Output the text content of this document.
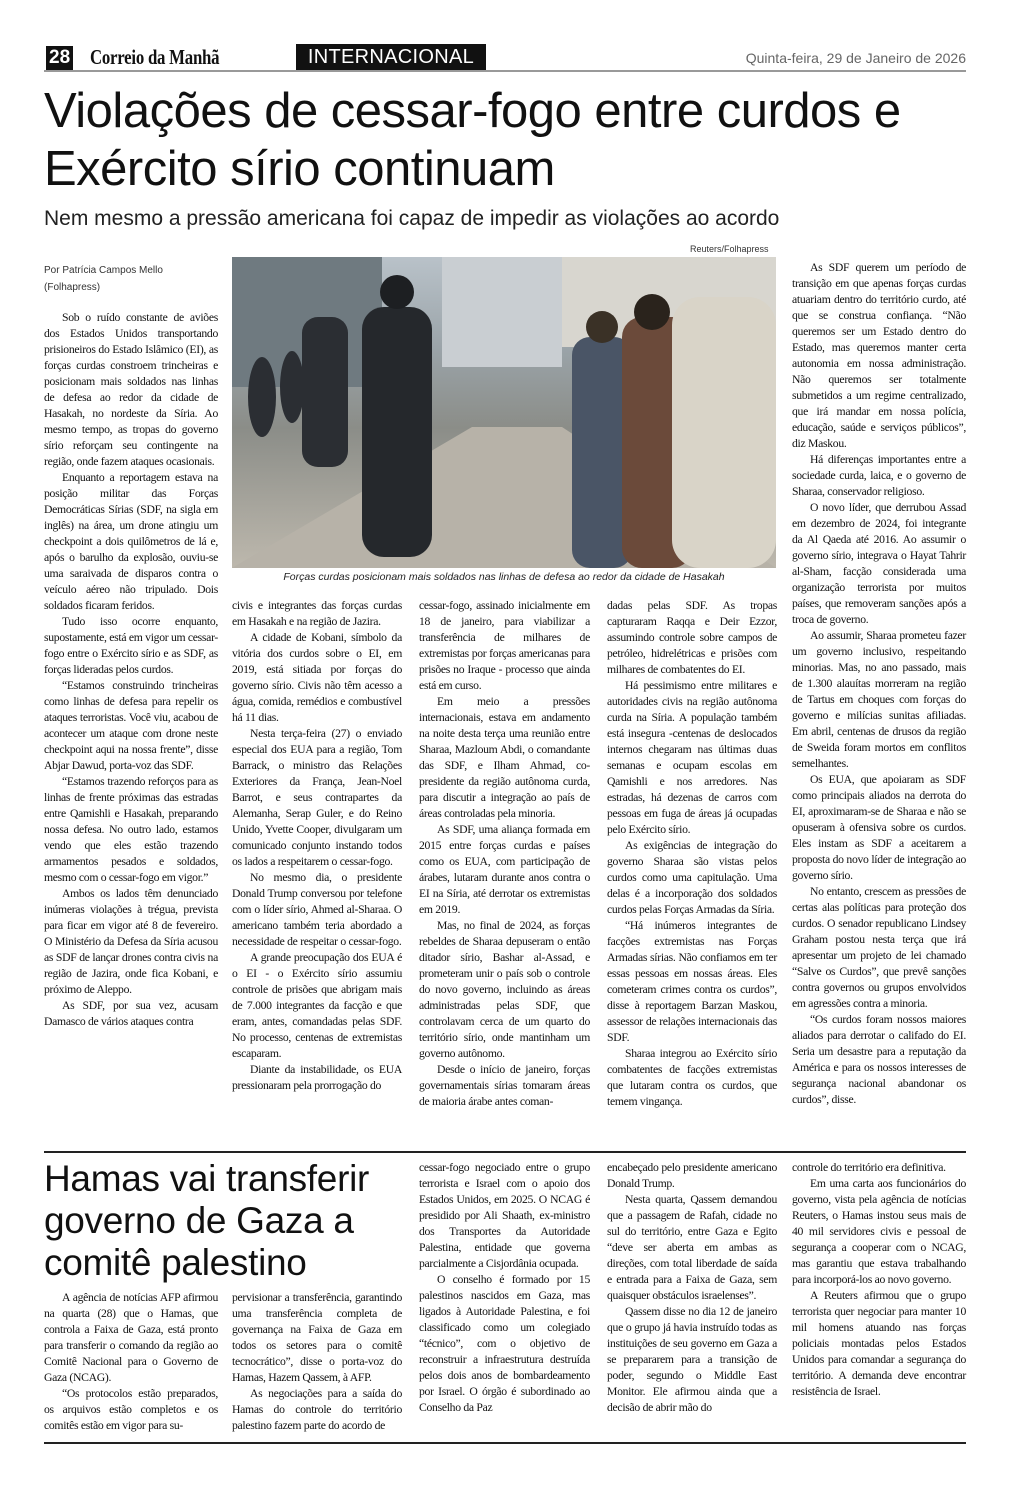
28 Correio da Manhã	INTERNACIONAL	Quinta-feira, 29 de Janeiro de 2026
Violações de cessar-fogo entre curdos e Exército sírio continuam
Nem mesmo a pressão americana foi capaz de impedir as violações ao acordo
Por Patrícia Campos Mello
(Folhapress)
Reuters/Folhapress
Forças curdas posicionam mais soldados nas linhas de defesa ao redor da cidade de Hasakah

Sob o ruído constante de aviões dos Estados Unidos transportando prisioneiros do Estado Islâmico (EI), as forças curdas constroem trincheiras e posicionam mais soldados nas linhas de defesa ao redor da cidade de Hasakah, no nordeste da Síria. Ao mesmo tempo, as tropas do governo sírio reforçam seu contingente na região, onde fazem ataques ocasionais.

Enquanto a reportagem estava na posição militar das Forças Democráticas Sírias (SDF, na sigla em inglês) na área, um drone atingiu um checkpoint a dois quilômetros de lá e, após o barulho da explosão, ouviu-se uma saraivada de disparos contra o veículo aéreo não tripulado. Dois soldados ficaram feridos.

Tudo isso ocorre enquanto, supostamente, está em vigor um cessar-fogo entre o Exército sírio e as SDF, as forças lideradas pelos curdos.

“Estamos construindo trincheiras como linhas de defesa para repelir os ataques terroristas. Você viu, acabou de acontecer um ataque com drone neste checkpoint aqui na nossa frente”, disse Abjar Dawud, porta-voz das SDF.

“Estamos trazendo reforços para as linhas de frente próximas das estradas entre Qamishli e Hasakah, preparando nossa defesa. No outro lado, estamos vendo que eles estão trazendo armamentos pesados e soldados, mesmo com o cessar-fogo em vigor.”

Ambos os lados têm denunciado inúmeras violações à trégua, prevista para ficar em vigor até 8 de fevereiro. O Ministério da Defesa da Síria acusou as SDF de lançar drones contra civis na região de Jazira, onde fica Kobani, e próximo de Aleppo.

As SDF, por sua vez, acusam Damasco de vários ataques contra

civis e integrantes das forças curdas em Hasakah e na região de Jazira.

A cidade de Kobani, símbolo da vitória dos curdos sobre o EI, em 2019, está sitiada por forças do governo sírio. Civis não têm acesso a água, comida, remédios e combustível há 11 dias.

Nesta terça-feira (27) o enviado especial dos EUA para a região, Tom Barrack, o ministro das Relações Exteriores da França, Jean-Noel Barrot, e seus contrapartes da Alemanha, Serap Guler, e do Reino Unido, Yvette Cooper, divulgaram um comunicado conjunto instando todos os lados a respeitarem o cessar-fogo.

No mesmo dia, o presidente Donald Trump conversou por telefone com o líder sírio, Ahmed al-Sharaa. O americano também teria abordado a necessidade de respeitar o cessar-fogo.

A grande preocupação dos EUA é o EI - o Exército sírio assumiu controle de prisões que abrigam mais de 7.000 integrantes da facção e que eram, antes, comandadas pelas SDF. No processo, centenas de extremistas escaparam.

Diante da instabilidade, os EUA pressionaram pela prorrogação do

cessar-fogo, assinado inicialmente em 18 de janeiro, para viabilizar a transferência de milhares de extremistas por forças americanas para prisões no Iraque - processo que ainda está em curso.

Em meio a pressões internacionais, estava em andamento na noite desta terça uma reunião entre Sharaa, Mazloum Abdi, o comandante das SDF, e Ilham Ahmad, co-presidente da região autônoma curda, para discutir a integração ao país de áreas controladas pela minoria.

As SDF, uma aliança formada em 2015 entre forças curdas e países como os EUA, com participação de árabes, lutaram durante anos contra o EI na Síria, até derrotar os extremistas em 2019.

Mas, no final de 2024, as forças rebeldes de Sharaa depuseram o então ditador sírio, Bashar al-Assad, e prometeram unir o país sob o controle do novo governo, incluindo as áreas administradas pelas SDF, que controlavam cerca de um quarto do território sírio, onde mantinham um governo autônomo.

Desde o início de janeiro, forças governamentais sírias tomaram áreas de maioria árabe antes coman-

dadas pelas SDF. As tropas capturaram Raqqa e Deir Ezzor, assumindo controle sobre campos de petróleo, hidrelétricas e prisões com milhares de combatentes do EI.

Há pessimismo entre militares e autoridades civis na região autônoma curda na Síria. A população também está insegura -centenas de deslocados internos chegaram nas últimas duas semanas e ocupam escolas em Qamishli e nos arredores. Nas estradas, há dezenas de carros com pessoas em fuga de áreas já ocupadas pelo Exército sírio.

As exigências de integração do governo Sharaa são vistas pelos curdos como uma capitulação. Uma delas é a incorporação dos soldados curdos pelas Forças Armadas da Síria.

“Há inúmeros integrantes de facções extremistas nas Forças Armadas sírias. Não confiamos em ter essas pessoas em nossas áreas. Eles cometeram crimes contra os curdos”, disse à reportagem Barzan Maskou, assessor de relações internacionais das SDF.

Sharaa integrou ao Exército sírio combatentes de facções extremistas que lutaram contra os curdos, que temem vingança.

As SDF querem um período de transição em que apenas forças curdas atuariam dentro do território curdo, até que se construa confiança. “Não queremos ser um Estado dentro do Estado, mas queremos manter certa autonomia em nossa administração. Não queremos ser totalmente submetidos a um regime centralizado, que irá mandar em nossa polícia, educação, saúde e serviços públicos”, diz Maskou.

Há diferenças importantes entre a sociedade curda, laica, e o governo de Sharaa, conservador religioso.

O novo líder, que derrubou Assad em dezembro de 2024, foi integrante da Al Qaeda até 2016. Ao assumir o governo sírio, integrava o Hayat Tahrir al-Sham, facção considerada uma organização terrorista por muitos países, que removeram sanções após a troca de governo.

Ao assumir, Sharaa prometeu fazer um governo inclusivo, respeitando minorias. Mas, no ano passado, mais de 1.300 alauítas morreram na região de Tartus em choques com forças do governo e milícias sunitas afiliadas. Em abril, centenas de drusos da região de Sweida foram mortos em conflitos semelhantes.

Os EUA, que apoiaram as SDF como principais aliados na derrota do EI, aproximaram-se de Sharaa e não se opuseram à ofensiva sobre os curdos. Eles instam as SDF a aceitarem a proposta do novo líder de integração ao governo sírio.

No entanto, crescem as pressões de certas alas políticas para proteção dos curdos. O senador republicano Lindsey Graham postou nesta terça que irá apresentar um projeto de lei chamado “Salve os Curdos”, que prevê sanções contra governos ou grupos envolvidos em agressões contra a minoria.

“Os curdos foram nossos maiores aliados para derrotar o califado do EI. Seria um desastre para a reputação da América e para os nossos interesses de segurança nacional abandonar os curdos”, disse.

Hamas vai transferir governo de Gaza a comitê palestino

A agência de notícias AFP afirmou na quarta (28) que o Hamas, que controla a Faixa de Gaza, está pronto para transferir o comando da região ao Comitê Nacional para o Governo de Gaza (NCAG).

“Os protocolos estão preparados, os arquivos estão completos e os comitês estão em vigor para su-

pervisionar a transferência, garantindo uma transferência completa de governança na Faixa de Gaza em todos os setores para o comitê tecnocrático”, disse o porta-voz do Hamas, Hazem Qassem, à AFP.

As negociações para a saída do Hamas do controle do território palestino fazem parte do acordo de

cessar-fogo negociado entre o grupo terrorista e Israel com o apoio dos Estados Unidos, em 2025. O NCAG é presidido por Ali Shaath, ex-ministro dos Transportes da Autoridade Palestina, entidade que governa parcialmente a Cisjordânia ocupada.

O conselho é formado por 15 palestinos nascidos em Gaza, mas ligados à Autoridade Palestina, e foi classificado como um colegiado “técnico”, com o objetivo de reconstruir a infraestrutura destruída pelos dois anos de bombardeamento por Israel. O órgão é subordinado ao Conselho da Paz

encabeçado pelo presidente americano Donald Trump.

Nesta quarta, Qassem demandou que a passagem de Rafah, cidade no sul do território, entre Gaza e Egito “deve ser aberta em ambas as direções, com total liberdade de saída e entrada para a Faixa de Gaza, sem quaisquer obstáculos israelenses”.

Qassem disse no dia 12 de janeiro que o grupo já havia instruído todas as instituições de seu governo em Gaza a se prepararem para a transição de poder, segundo o Middle East Monitor. Ele afirmou ainda que a decisão de abrir mão do

controle do território era definitiva.

Em uma carta aos funcionários do governo, vista pela agência de notícias Reuters, o Hamas instou seus mais de 40 mil servidores civis e pessoal de segurança a cooperar com o NCAG, mas garantiu que estava trabalhando para incorporá-los ao novo governo.

A Reuters afirmou que o grupo terrorista quer negociar para manter 10 mil homens atuando nas forças policiais montadas pelos Estados Unidos para comandar a segurança do território. A demanda deve encontrar resistência de Israel.
